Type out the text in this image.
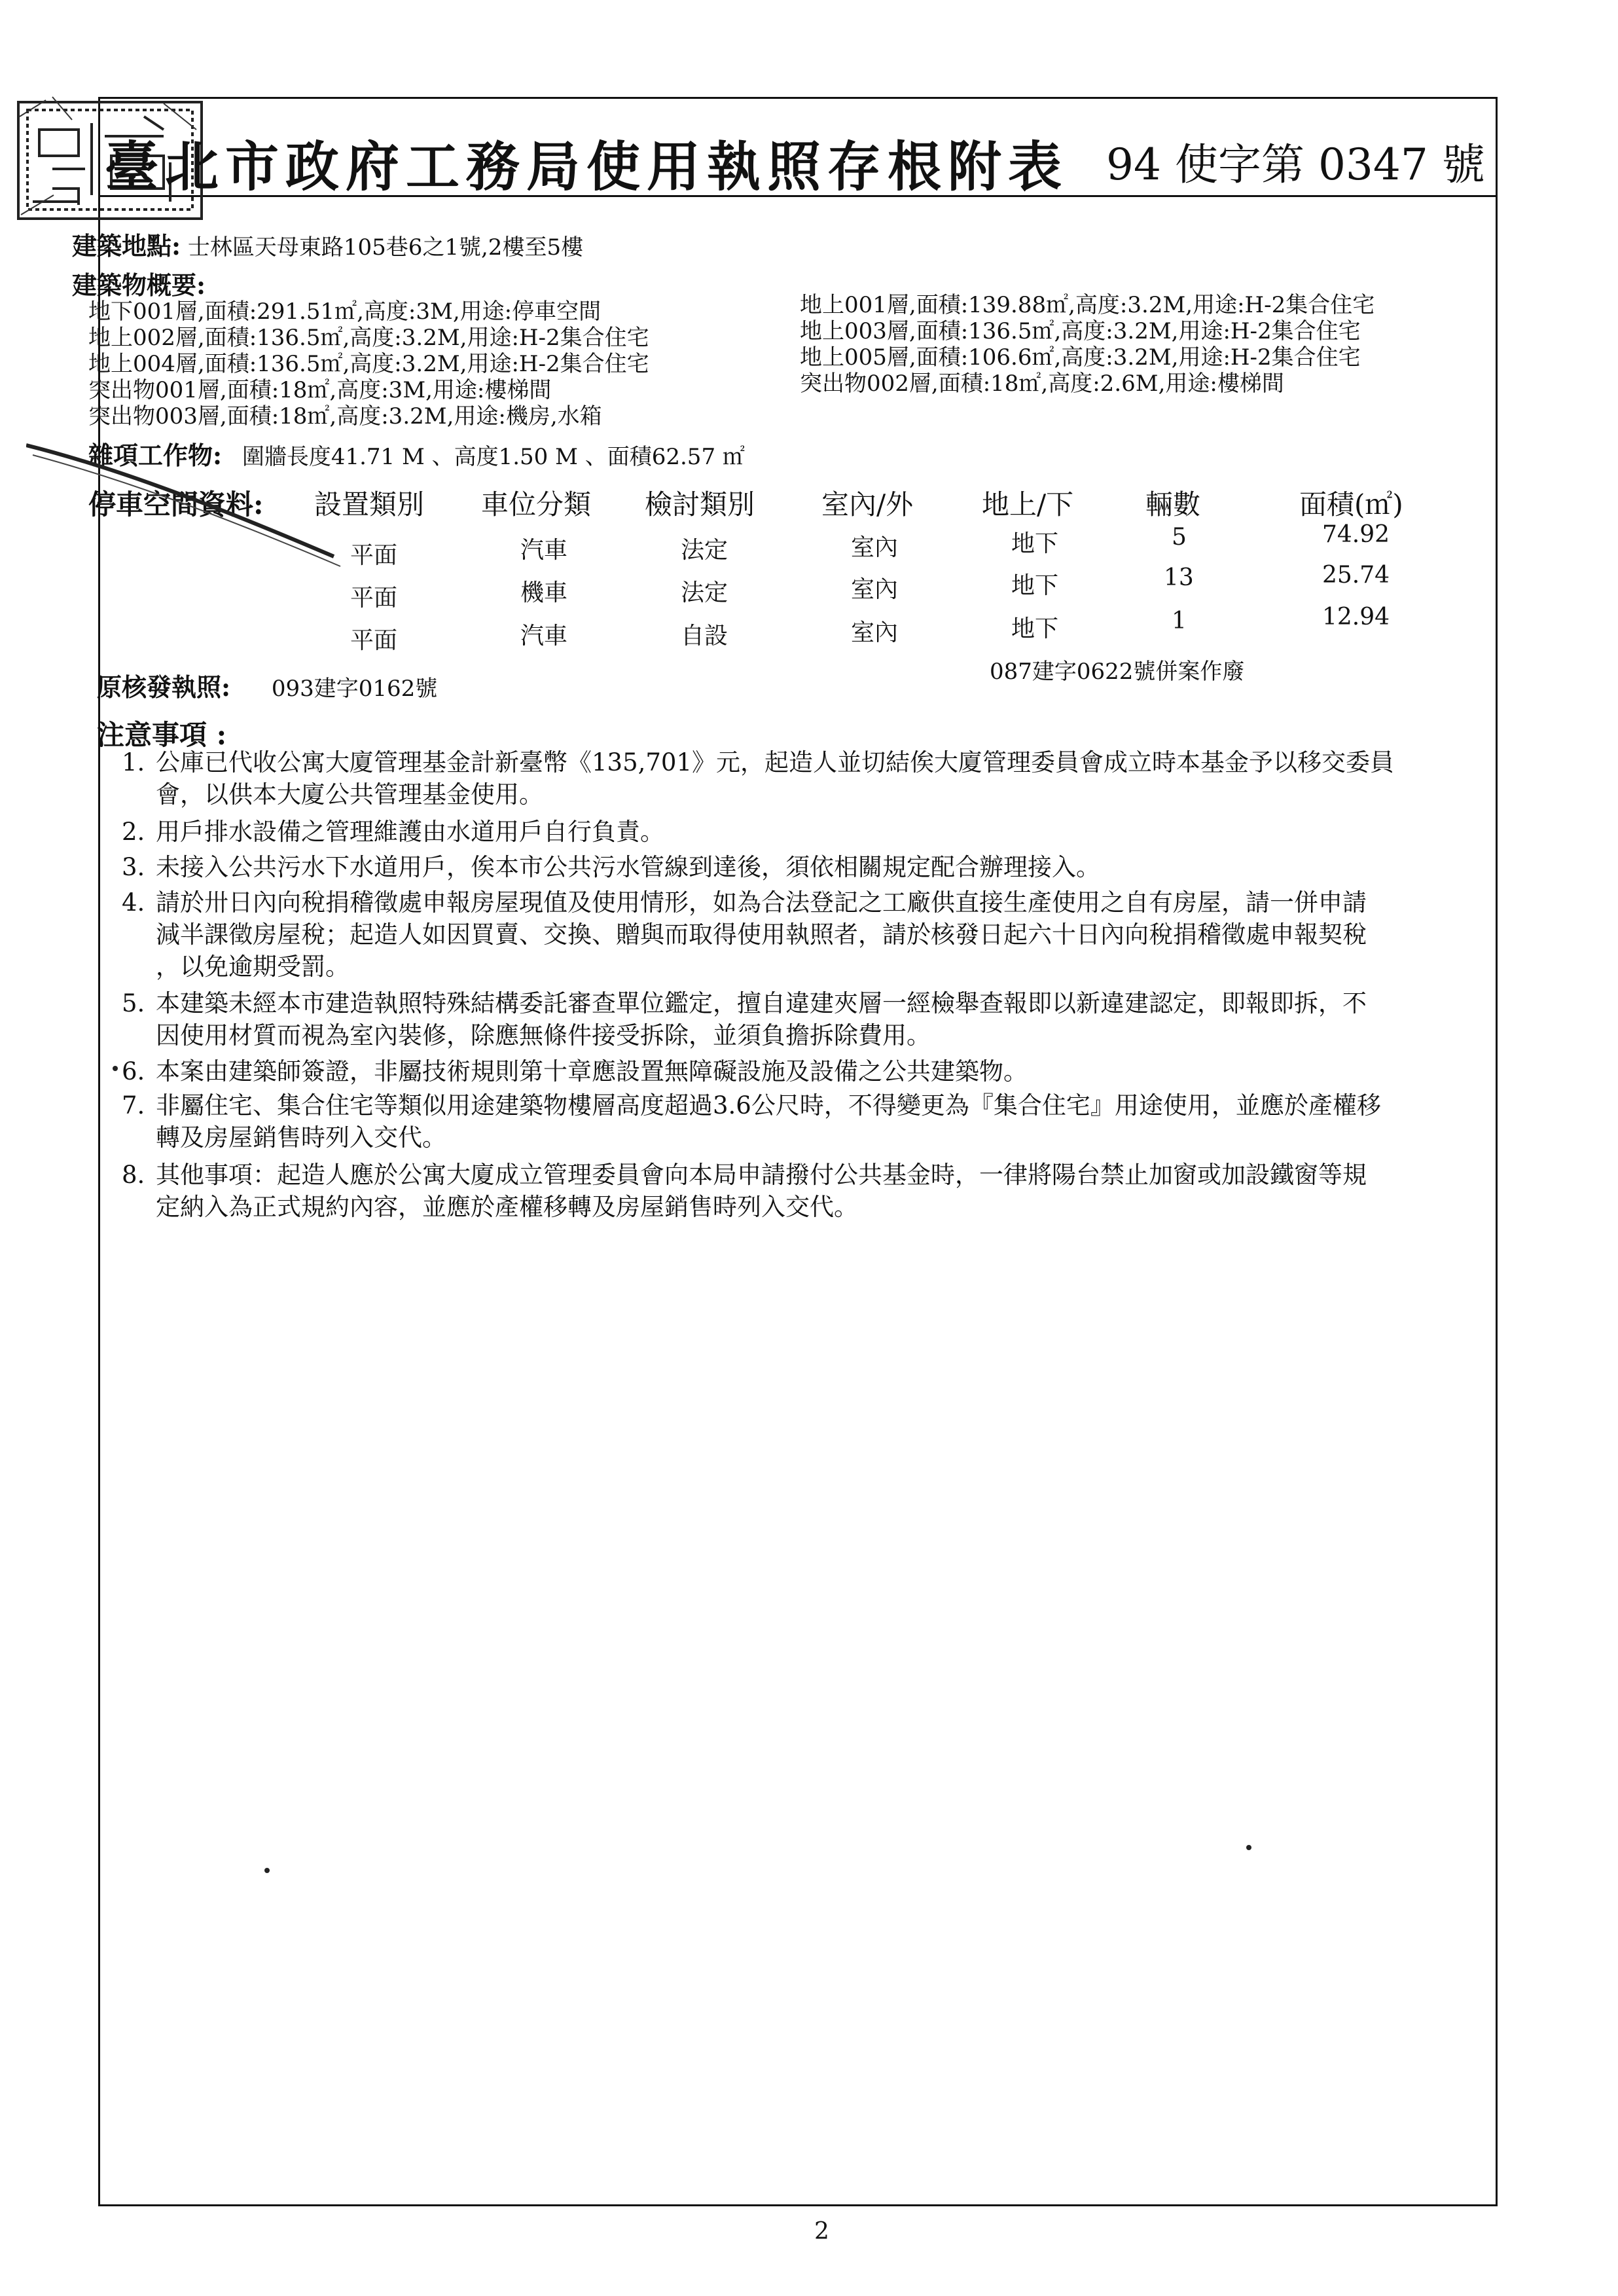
臺北市政府工務局使用執照存根附表 94 使字第 0347 號
建築地點: 士林區天母東路105巷6之1號,2樓至5樓
建築物概要:
地下001層,面積:291.51㎡,高度:3M,用途:停車空間
地上002層,面積:136.5㎡,高度:3.2M,用途:H-2集合住宅
地上004層,面積:136.5㎡,高度:3.2M,用途:H-2集合住宅
突出物001層,面積:18㎡,高度:3M,用途:樓梯間
突出物003層,面積:18㎡,高度:3.2M,用途:機房,水箱
地上001層,面積:139.88㎡,高度:3.2M,用途:H-2集合住宅
地上003層,面積:136.5㎡,高度:3.2M,用途:H-2集合住宅
地上005層,面積:106.6㎡,高度:3.2M,用途:H-2集合住宅
突出物002層,面積:18㎡,高度:2.6M,用途:樓梯間
雜項工作物: 圍牆長度41.71 M 、高度1.50 M 、面積62.57 ㎡
停車空間資料: 設置類別 車位分類 檢討類別 室內/外 地上/下	輛數	面積(㎡)
平面	汽車	法定	室內	地下	5	74.92
平面	機車	法定	室內	地下	13	25.74
平面	汽車	自設	室內	地下	1	12.94
原核發執照: 093建字0162號
087建字0622號併案作廢
注意事項 :
1. 公庫已代收公寓大廈管理基金計新臺幣《135,701》元，起造人並切結俟大廈管理委員會成立時本基金予以移交委員
會，以供本大廈公共管理基金使用。
2. 用戶排水設備之管理維護由水道用戶自行負責。
3. 未接入公共污水下水道用戶，俟本市公共污水管線到達後，須依相關規定配合辦理接入。
4. 請於卅日內向稅捐稽徵處申報房屋現值及使用情形，如為合法登記之工廠供直接生產使用之自有房屋，請一併申請
減半課徵房屋稅；起造人如因買賣、交換、贈與而取得使用執照者，請於核發日起六十日內向稅捐稽徵處申報契稅
，以免逾期受罰。
5. 本建築未經本市建造執照特殊結構委託審查單位鑑定，擅自違建夾層一經檢舉查報即以新違建認定，即報即拆，不
因使用材質而視為室內裝修，除應無條件接受拆除，並須負擔拆除費用。
6. 本案由建築師簽證，非屬技術規則第十章應設置無障礙設施及設備之公共建築物。
7. 非屬住宅、集合住宅等類似用途建築物樓層高度超過3.6公尺時，不得變更為『集合住宅』用途使用，並應於產權移
轉及房屋銷售時列入交代。
8. 其他事項：起造人應於公寓大廈成立管理委員會向本局申請撥付公共基金時，一律將陽台禁止加窗或加設鐵窗等規
定納入為正式規約內容，並應於產權移轉及房屋銷售時列入交代。
2
